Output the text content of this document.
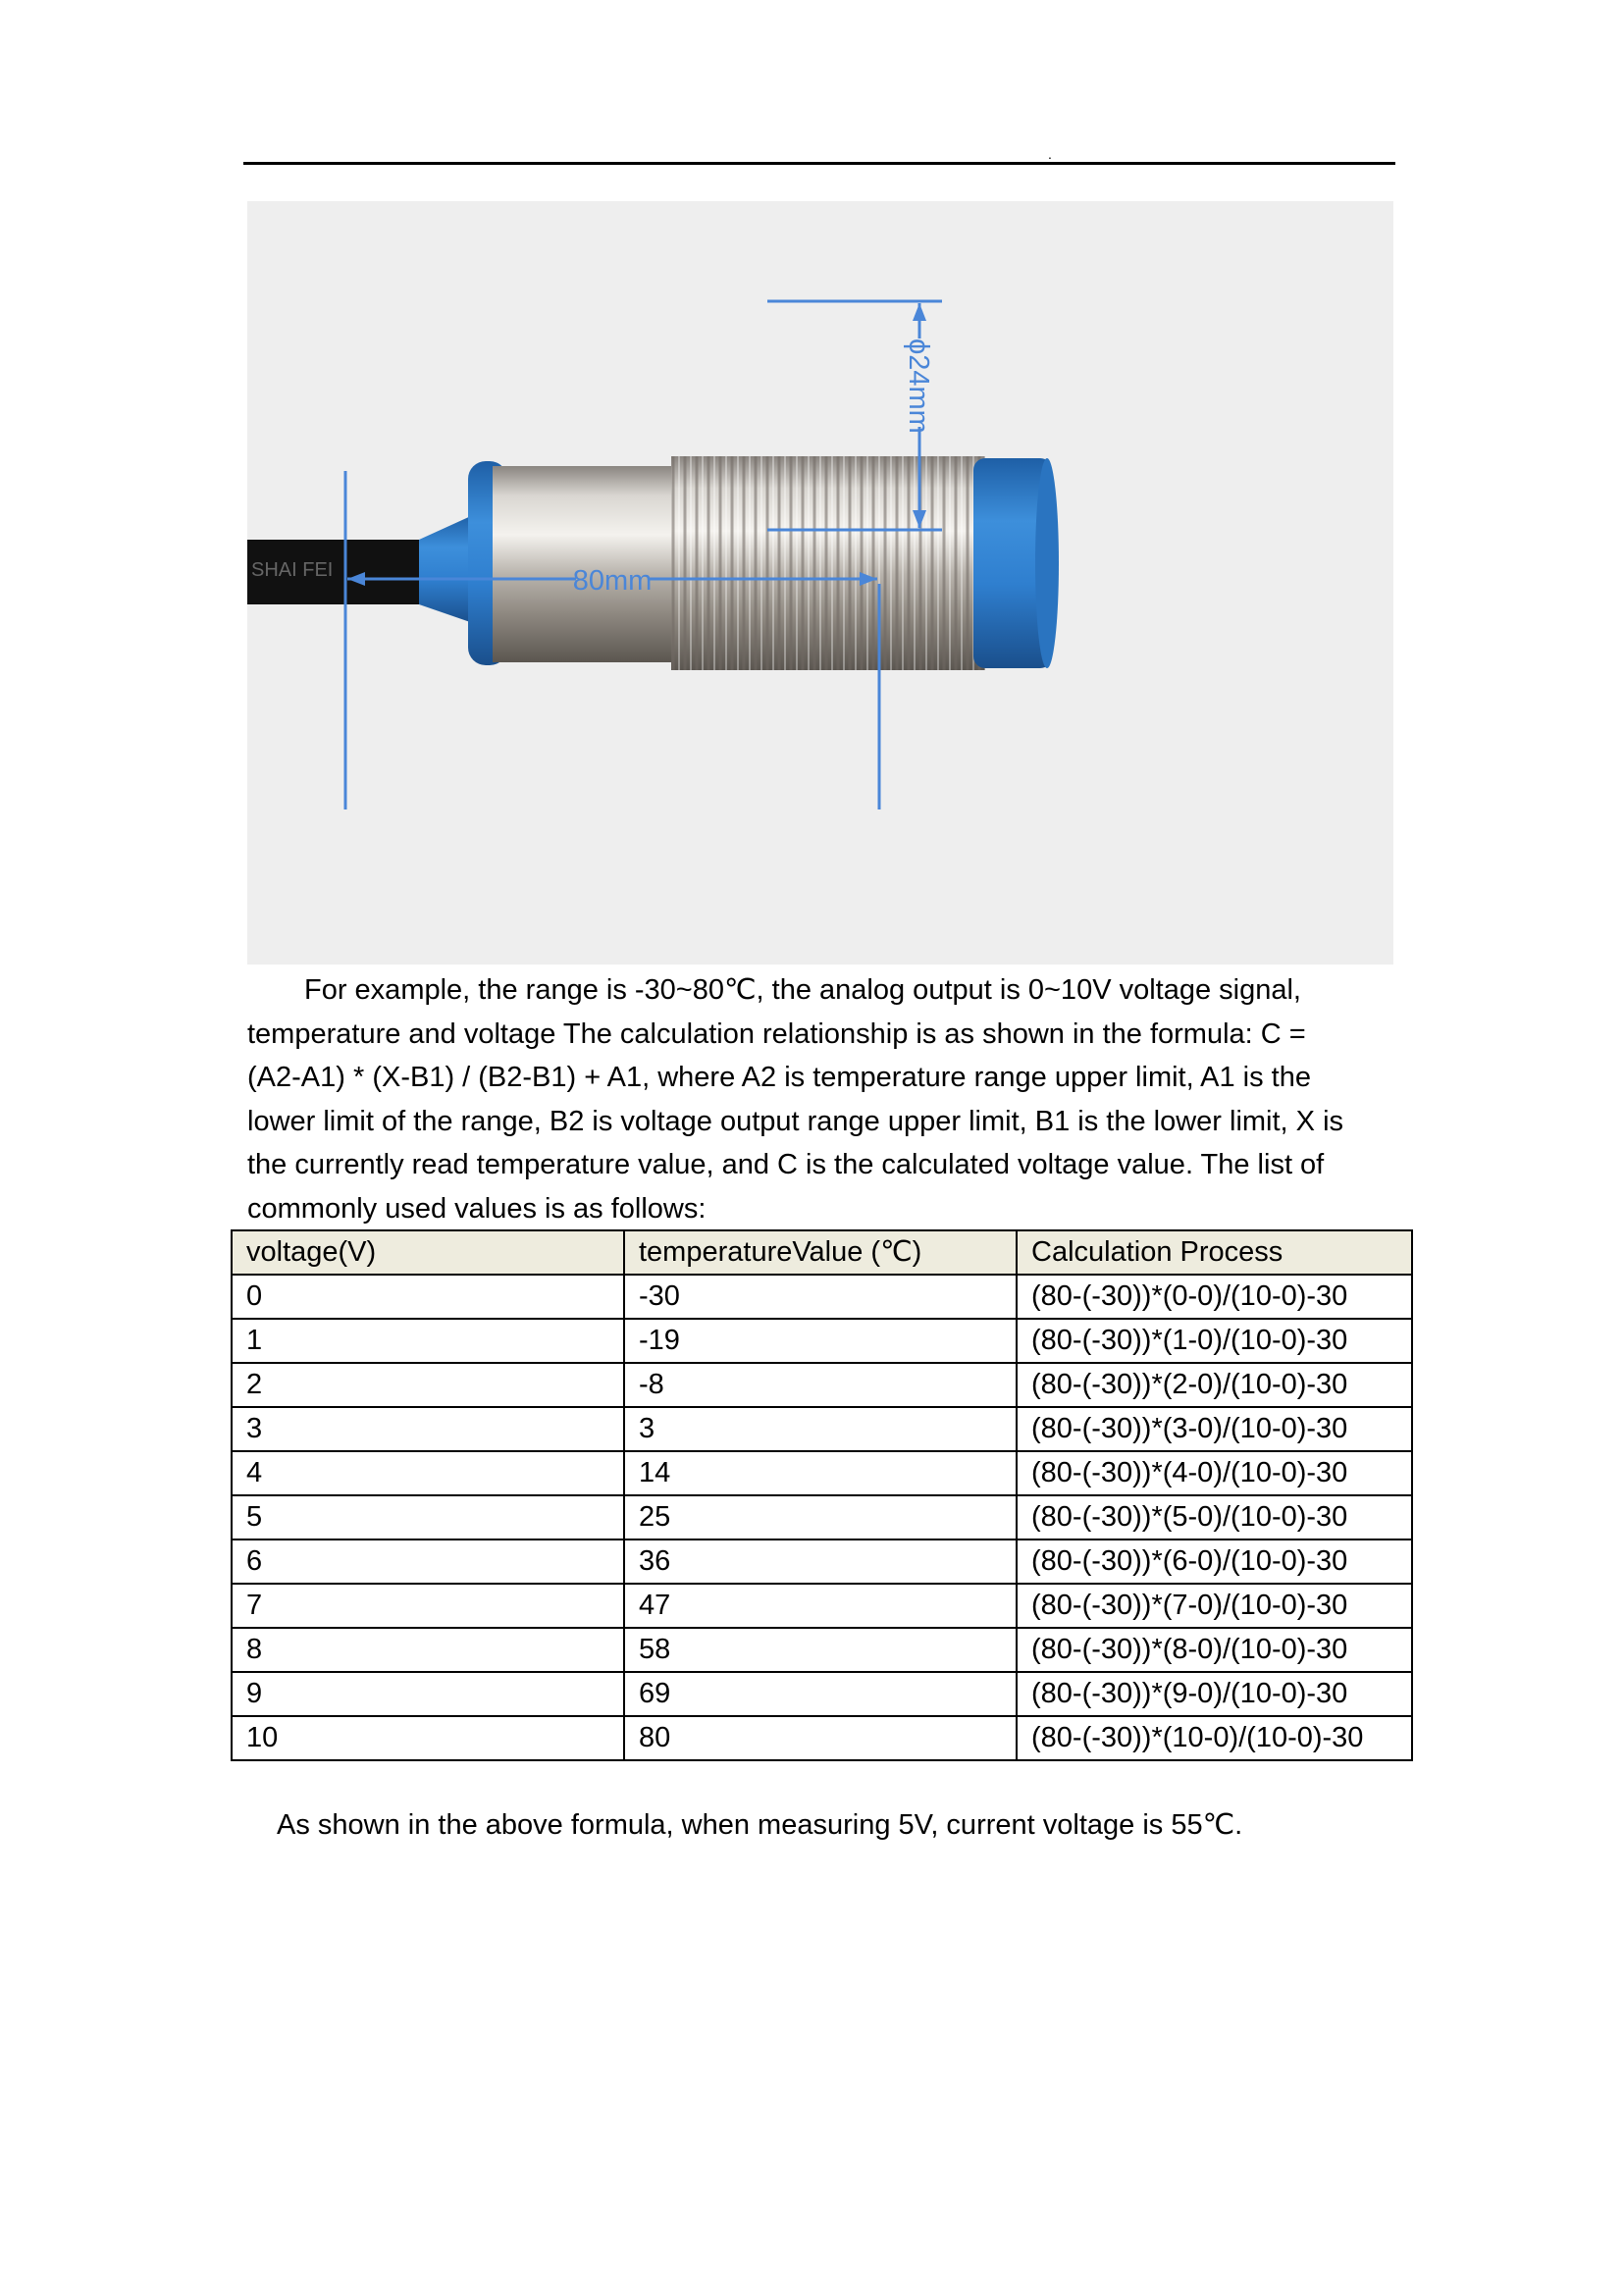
.
SHAI FEI	80mm
ϕ24mm

For example, the range is -30~80℃, the analog output is 0~10V voltage signal, temperature and voltage The calculation relationship is as shown in the formula: C = (A2-A1) * (X-B1) / (B2-B1) + A1, where A2 is temperature range upper limit, A1 is the lower limit of the range, B2 is voltage output range upper limit, B1 is the lower limit, X is the currently read temperature value, and C is the calculated voltage value. The list of commonly used values is as follows:

voltage(V)	temperatureValue (℃)	Calculation Process
0	-30	(80-(-30))*(0-0)/(10-0)-30
1	-19	(80-(-30))*(1-0)/(10-0)-30
2	-8	(80-(-30))*(2-0)/(10-0)-30
3	3	(80-(-30))*(3-0)/(10-0)-30
4	14	(80-(-30))*(4-0)/(10-0)-30
5	25	(80-(-30))*(5-0)/(10-0)-30
6	36	(80-(-30))*(6-0)/(10-0)-30
7	47	(80-(-30))*(7-0)/(10-0)-30
8	58	(80-(-30))*(8-0)/(10-0)-30
9	69	(80-(-30))*(9-0)/(10-0)-30
10	80	(80-(-30))*(10-0)/(10-0)-30

As shown in the above formula, when measuring 5V, current voltage is 55℃.
